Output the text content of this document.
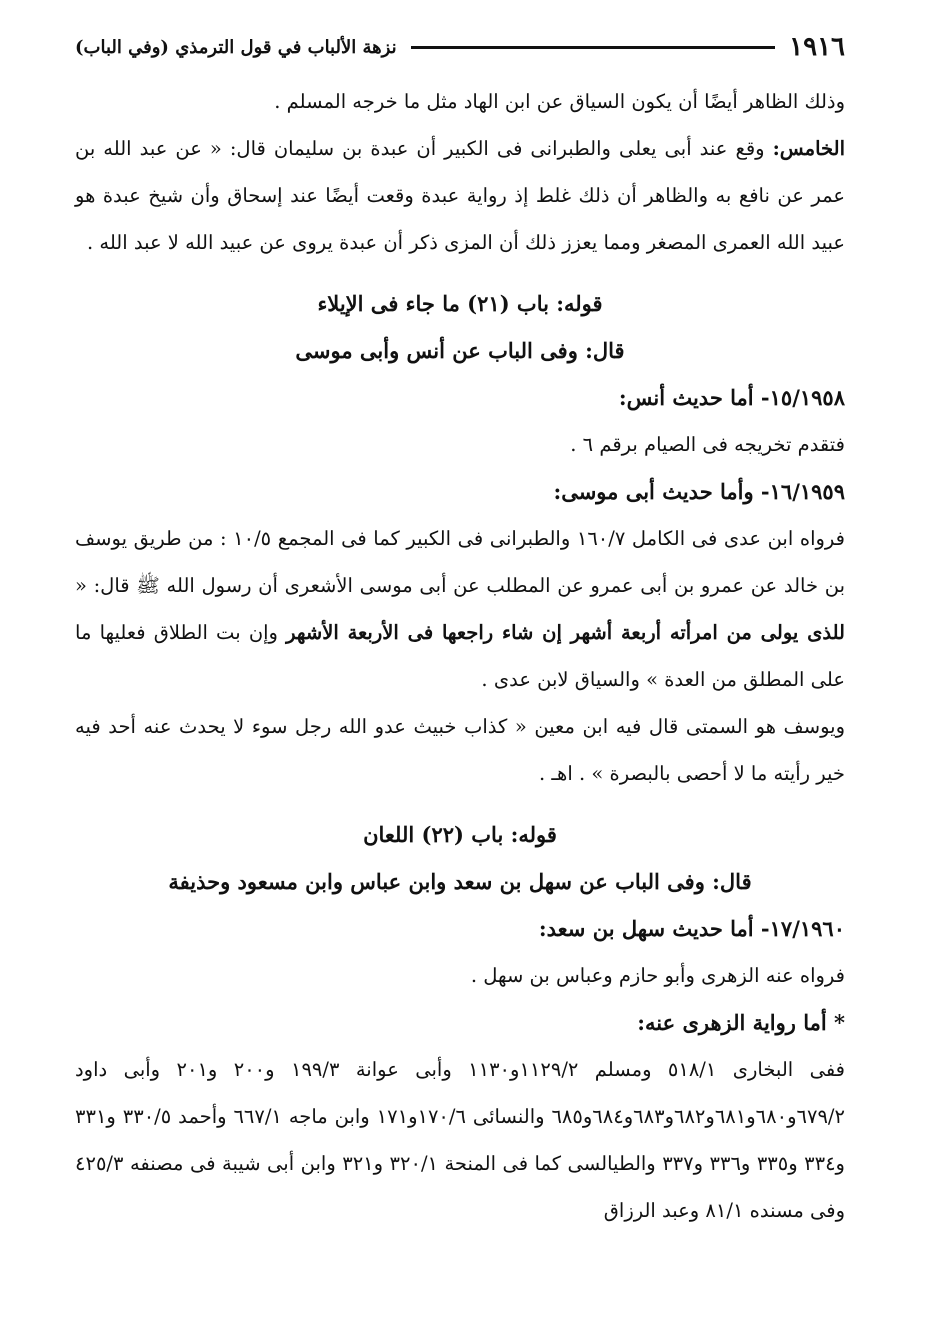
١٩١٦
نزهة الألباب في قول الترمذي (وفي الباب)

وذلك الظاهر أيضًا أن يكون السياق عن ابن الهاد مثل ما خرجه المسلم .

الخامس: وقع عند أبى يعلى والطبرانى فى الكبير أن عبدة بن سليمان قال: « عن عبد الله بن عمر عن نافع به والظاهر أن ذلك غلط إذ رواية عبدة وقعت أيضًا عند إسحاق وأن شيخ عبدة هو عبيد الله العمرى المصغر ومما يعزز ذلك أن المزى ذكر أن عبدة يروى عن عبيد الله لا عبد الله .

قوله: باب (٢١) ما جاء فى الإيلاء

قال: وفى الباب عن أنس وأبى موسى

١٥/١٩٥٨- أما حديث أنس:

فتقدم تخريجه فى الصيام برقم ٦ .

١٦/١٩٥٩- وأما حديث أبى موسى:

فرواه ابن عدى فى الكامل ١٦٠/٧ والطبرانى فى الكبير كما فى المجمع ١٠/٥ : من طريق يوسف بن خالد عن عمرو بن أبى عمرو عن المطلب عن أبى موسى الأشعرى أن رسول الله ﷺ قال: « للذى يولى من امرأته أربعة أشهر إن شاء راجعها فى الأربعة الأشهر وإن بت الطلاق فعليها ما على المطلق من العدة » والسياق لابن عدى .

ويوسف هو السمتى قال فيه ابن معين « كذاب خبيث عدو الله رجل سوء لا يحدث عنه أحد فيه خير رأيته ما لا أحصى بالبصرة » . اهـ .

قوله: باب (٢٢) اللعان

قال: وفى الباب عن سهل بن سعد وابن عباس وابن مسعود وحذيفة

١٧/١٩٦٠- أما حديث سهل بن سعد:

فرواه عنه الزهرى وأبو حازم وعباس بن سهل .

* أما رواية الزهرى عنه:

ففى البخارى ٥١٨/١ ومسلم ١١٢٩/٢و١١٣٠ وأبى عوانة ١٩٩/٣ و٢٠٠ و٢٠١ وأبى داود ٦٧٩/٢و٦٨٠و٦٨١و٦٨٢و٦٨٣و٦٨٤و٦٨٥ والنسائى ١٧٠/٦و١٧١ وابن ماجه ٦٦٧/١ وأحمد ٣٣٠/٥ و٣٣١ و٣٣٤ و٣٣٥ و٣٣٦ و٣٣٧ والطيالسى كما فى المنحة ٣٢٠/١ و٣٢١ وابن أبى شيبة فى مصنفه ٤٢٥/٣ وفى مسنده ٨١/١ وعبد الرزاق
